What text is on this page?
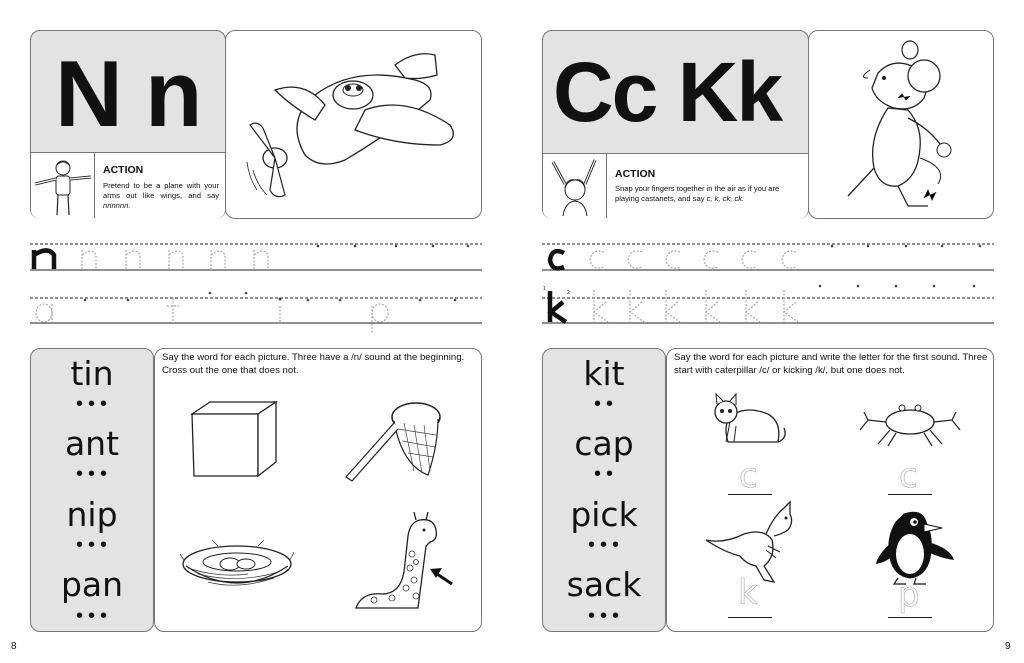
N n
ACTION
Pretend to be a plane with your arms out like wings, and say nnnnnn.
tin
•••
ant
•••
nip
•••
pan
•••
Say the word for each picture. Three have a /n/ sound at the beginning. Cross out the one that does not.
8
Cc Kk
ACTION
Snap your fingers together in the air as if you are playing castanets, and say c, k, ck, ck.
1
2
kit
••
cap
••
pick
•••
sack
•••
Say the word for each picture and write the letter for the first sound. Three start with caterpillar /c/ or kicking /k/, but one does not.
c	c
k	p
9
